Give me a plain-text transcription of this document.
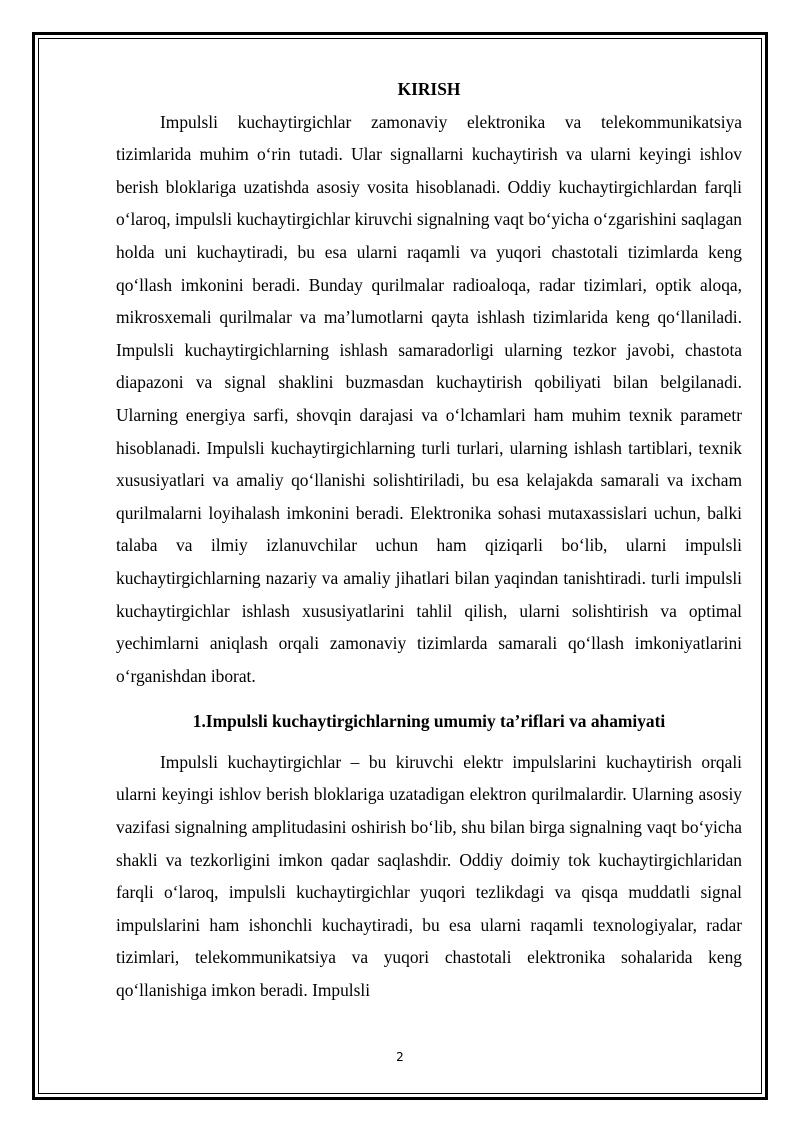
KIRISH

Impulsli kuchaytirgichlar zamonaviy elektronika va telekommunikatsiya tizimlarida muhim o‘rin tutadi. Ular signallarni kuchaytirish va ularni keyingi ishlov berish bloklariga uzatishda asosiy vosita hisoblanadi. Oddiy kuchaytirgichlardan farqli o‘laroq, impulsli kuchaytirgichlar kiruvchi signalning vaqt bo‘yicha o‘zgarishini saqlagan holda uni kuchaytiradi, bu esa ularni raqamli va yuqori chastotali tizimlarda keng qo‘llash imkonini beradi. Bunday qurilmalar radioaloqa, radar tizimlari, optik aloqa, mikrosxemali qurilmalar va ma’lumotlarni qayta ishlash tizimlarida keng qo‘llaniladi. Impulsli kuchaytirgichlarning ishlash samaradorligi ularning tezkor javobi, chastota diapazoni va signal shaklini buzmasdan kuchaytirish qobiliyati bilan belgilanadi. Ularning energiya sarfi, shovqin darajasi va o‘lchamlari ham muhim texnik parametr hisoblanadi. Impulsli kuchaytirgichlarning turli turlari, ularning ishlash tartiblari, texnik xususiyatlari va amaliy qo‘llanishi solishtiriladi, bu esa kelajakda samarali va ixcham qurilmalarni loyihalash imkonini beradi. Elektronika sohasi mutaxassislari uchun, balki talaba va ilmiy izlanuvchilar uchun ham qiziqarli bo‘lib, ularni impulsli kuchaytirgichlarning nazariy va amaliy jihatlari bilan yaqindan tanishtiradi. turli impulsli kuchaytirgichlar ishlash xususiyatlarini tahlil qilish, ularni solishtirish va optimal yechimlarni aniqlash orqali zamonaviy tizimlarda samarali qo‘llash imkoniyatlarini o‘rganishdan iborat.

1.Impulsli kuchaytirgichlarning umumiy ta’riflari va ahamiyati

Impulsli kuchaytirgichlar – bu kiruvchi elektr impulslarini kuchaytirish orqali ularni keyingi ishlov berish bloklariga uzatadigan elektron qurilmalardir. Ularning asosiy vazifasi signalning amplitudasini oshirish bo‘lib, shu bilan birga signalning vaqt bo‘yicha shakli va tezkorligini imkon qadar saqlashdir. Oddiy doimiy tok kuchaytirgichlaridan farqli o‘laroq, impulsli kuchaytirgichlar yuqori tezlikdagi va qisqa muddatli signal impulslarini ham ishonchli kuchaytiradi, bu esa ularni raqamli texnologiyalar, radar tizimlari, telekommunikatsiya va yuqori chastotali elektronika sohalarida keng qo‘llanishiga imkon beradi. Impulsli

2
